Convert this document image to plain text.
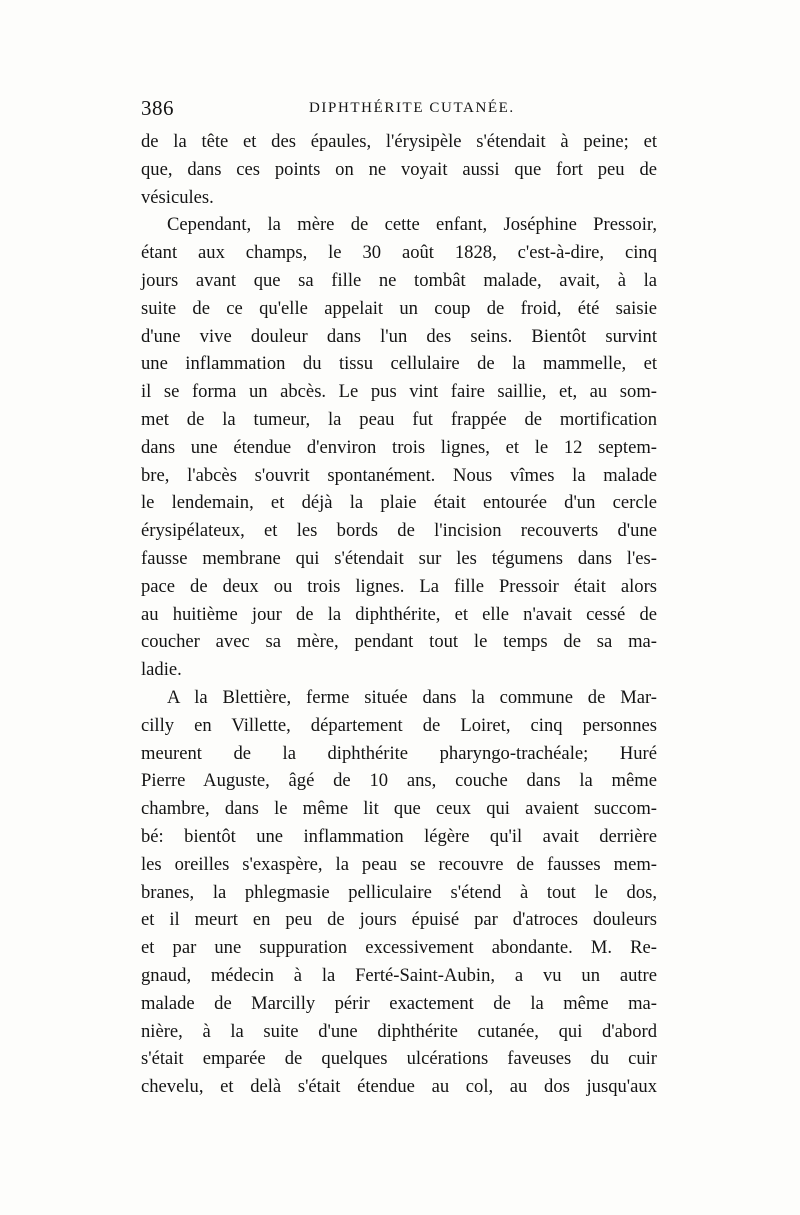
386	DIPHTHÉRITE CUTANÉE.
de la tête et des épaules, l'érysipèle s'étendait à peine; et
que, dans ces points on ne voyait aussi que fort peu de
vésicules.
Cependant, la mère de cette enfant, Joséphine Pressoir,
étant aux champs, le 30 août 1828, c'est-à-dire, cinq
jours avant que sa fille ne tombât malade, avait, à la
suite de ce qu'elle appelait un coup de froid, été saisie
d'une vive douleur dans l'un des seins. Bientôt survint
une inflammation du tissu cellulaire de la mammelle, et
il se forma un abcès. Le pus vint faire saillie, et, au som-
met de la tumeur, la peau fut frappée de mortification
dans une étendue d'environ trois lignes, et le 12 septem-
bre, l'abcès s'ouvrit spontanément. Nous vîmes la malade
le lendemain, et déjà la plaie était entourée d'un cercle
érysipélateux, et les bords de l'incision recouverts d'une
fausse membrane qui s'étendait sur les tégumens dans l'es-
pace de deux ou trois lignes. La fille Pressoir était alors
au huitième jour de la diphthérite, et elle n'avait cessé de
coucher avec sa mère, pendant tout le temps de sa ma-
ladie.
A la Blettière, ferme située dans la commune de Mar-
cilly en Villette, département de Loiret, cinq personnes
meurent de la diphthérite pharyngo-trachéale; Huré
Pierre Auguste, âgé de 10 ans, couche dans la même
chambre, dans le même lit que ceux qui avaient succom-
bé: bientôt une inflammation légère qu'il avait derrière
les oreilles s'exaspère, la peau se recouvre de fausses mem-
branes, la phlegmasie pelliculaire s'étend à tout le dos,
et il meurt en peu de jours épuisé par d'atroces douleurs
et par une suppuration excessivement abondante. M. Re-
gnaud, médecin à la Ferté-Saint-Aubin, a vu un autre
malade de Marcilly périr exactement de la même ma-
nière, à la suite d'une diphthérite cutanée, qui d'abord
s'était emparée de quelques ulcérations faveuses du cuir
chevelu, et delà s'était étendue au col, au dos jusqu'aux
